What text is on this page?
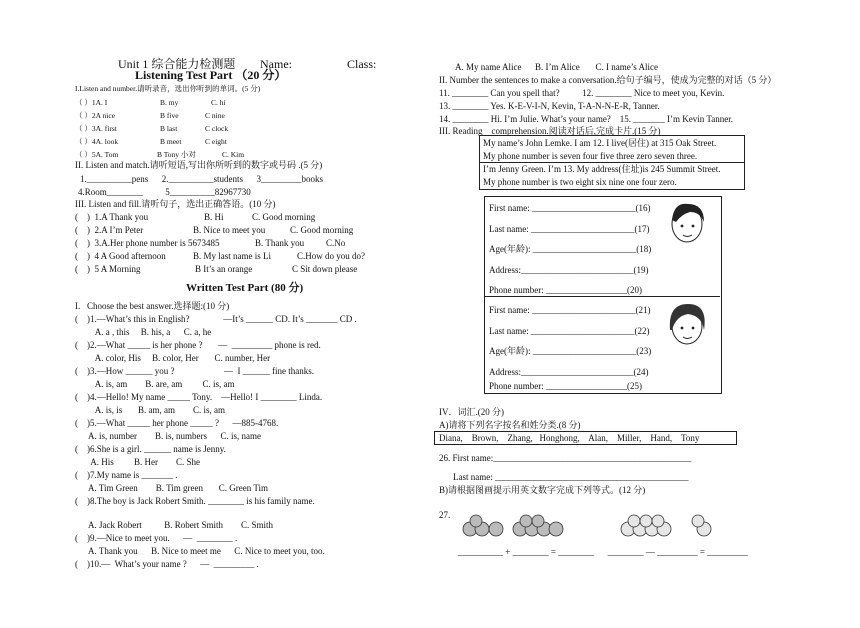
Unit 1 综合能力检测题 Name:	Class:
Listening Test Part （20 分）
I.Listen and number.请听录音，选出你听到的单词。(5 分)
（ ）1A. I	B. my	C. hi
（ ）2A nice	B five	C nine
（ ）3A. first	B last	C clock
（ ）4A. look	B meet	C eight
（ ）5A. Tom	B Tony 小对	C. Kim
II. Listen and match.请听短语,写出你所听到的数字或号码 .(5 分)
1.__________pens      2.__________students      3_________books
4.Room________          5__________82967730
III. Listen and fill.请听句子，选出正确答语。(10 分)
(    )  1.A Thank you	B. Hi	C. Good morning
(    )  2.A I’m Peter	B. Nice to meet you	C. Good morning
(    )  3.A.Her phone number is 5673485	B. Thank you C.No
(    )  4 A Good afternoon	B. My last name is Li	C.How do you do?
(    )  5 A Morning	B It’s an orange	C Sit down please
Written Test Part (80 分)
I.   Choose the best answer.选择题:(10 分)
(    )1.—What’s this in English?               —It’s ______ CD. It’s _______ CD .
A. a , this     B. his, a      C. a, he
(    )2.—What _____ is her phone ?       —  _________ phone is red.
A. color, His     B. color, Her       C. number, Her
(    )3.—How ______ you ?                      —  I ______ fine thanks.
A. is, am        B. are, am         C. is, am
(    )4.—Hello! My name _____ Tony.    —Hello! I ________ Linda.
A. is, is       B. am, am        C. is, am
(    )5.—What _____ her phone _____ ?      —885-4768.
A. is, number        B. is, numbers      C. is, name
(    )6.She is a girl. ______ name is Jenny.
A. His         B. Her        C. She
(    )7.My name is _______ .
A. Tim Green        B. Tim green       C. Green Tim
(    )8.The boy is Jack Robert Smith. ________ is his family name.
A. Jack Robert          B. Robert Smith        C. Smith
(    )9.—Nice to meet you.      —  ________ .
A. Thank you      B. Nice to meet me      C. Nice to meet you, too.
(    )10.—  What’s your name ?      —  _________ .
A. My name Alice      B. I’m Alice       C. I name’s Alice
II. Number the sentences to make a conversation.给句子编号，使成为完整的对话（5 分）
11. ________ Can you spell that?          12. ________ Nice to meet you, Kevin.
13. ________ Yes. K-E-V-I-N, Kevin, T-A-N-N-E-R, Tanner.
14. ________ Hi. I’m Julie. What’s your name?    15. _______ I’m Kevin Tanner.
III. Reading    comprehension.阅读对话后,完成卡片.(15 分)
My name’s John Lemke. I am 12. I live(居住) at 315 Oak Street.
My phone number is seven four five three zero seven three.
I’m Jenny Green. I’m 13. My address(住址)is 245 Summit Street.
My phone number is two eight six nine one four zero.
First name: _______________________(16)
Last name: _______________________(17)
Age(年龄): _______________________(18)
Address:_________________________(19)
Phone number: __________________(20)
First name: _______________________(21)
Last name: _______________________(22)
Age(年龄): _______________________(23)
Address:_________________________(24)
Phone number: __________________(25)
IV．词汇.(20 分)
A)请将下列名字按名和姓分类.(8 分)
Diana,    Brown,    Zhang,   Honghong,    Alan,    Miller,    Hand,    Tony
26. First name:____________________________________________
Last name: ___________________________________________
B)请根据图画提示用英文数字完成下列等式。(12 分)
27.
__________ + ________ = ________      ________ — _________ = _________
